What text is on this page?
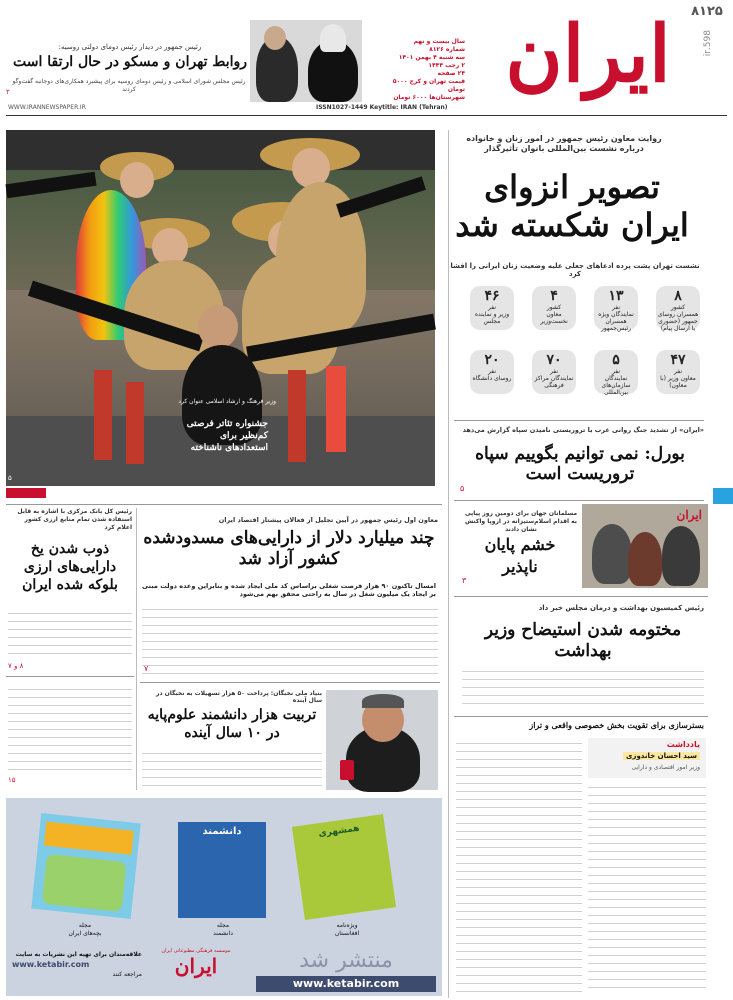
ایران	598.ir
۸۱۲۵
سال بیست و نهم
شماره ۸۱۲۶
سه شنبه ۴ بهمن ۱۴۰۱
۲ رجب ۱۴۴۴
۲۴ صفحه
قیمت تهران و کرج ۵۰۰۰ تومان
شهرستان‌ها ۶۰۰۰ تومان
ISSN1027-1449 Keytitle: IRAN (Tehran)
WWW.IRANNEWSPAPER.IR
رئیس جمهور در دیدار رئیس دومای دولتی روسیه:
روابط تهران و مسکو در حال ارتقا است
رئیس مجلس شورای اسلامی و رئیس دومای روسیه برای پیشبرد همکاری‌های دوجانبه گفت‌وگو کردند
۲
وزیر فرهنگ و ارشاد اسلامی عنوان کرد
جشنواره تئاتر فرصتی کم‌نظیر برای استعدادهای ناشناخته
۵
روایت معاون رئیس جمهور در امور زنان و خانواده درباره نشست بین‌المللی بانوان تأثیرگذار
تصویر انزوای ایران شکسته شد
نشست تهران پشت پرده ادعاهای جعلی علیه وضعیت زنان ایرانی را افشا کرد
۸
کشور
همسران روسای جمهور (حضوری یا ارسال پیام)
۱۳
نفر
نمایندگان ویژه همسران رئیس‌جمهور
۴
کشور
معاون نخست‌وزیر
۴۶
نفر
وزیر و نماینده مجلس
۴۷
نفر
معاون وزیر (با معاون)
۵
نفر
نمایندگان سازمان‌های بین‌المللی
۷۰
نفر
نمایندگان مراکز فرهنگی
۲۰
نفر
روسای دانشگاه
«ایران» از تشدید جنگ روانی غرب با تروریستی نامیدن سپاه گزارش می‌دهد
بورل: نمی توانیم بگوییم سپاه تروریست است
۵
ایران
مسلمانان جهان برای دومین روز پیاپی به اقدام اسلام‌ستیزانه در اروپا واکنش نشان دادند
خشم پایان ناپذیر
۳
رئیس کمیسیون بهداشت و درمان مجلس خبر داد
مختومه شدن استیضاح وزیر بهداشت
بسترسازی برای تقویت بخش خصوصی واقعی و تراز
یادداشت
سید احسان خاندوزی
وزیر امور اقتصادی و دارایی
معاون اول رئیس جمهور در آیین تجلیل از فعالان پیشتاز اقتصاد ایران
چند میلیارد دلار از دارایی‌های مسدودشده کشور آزاد شد
امسال تاکنون ۹۰ هزار فرصت شغلی براساس کد ملی ایجاد شده و بنابراین وعده دولت مبنی بر ایجاد یک میلیون شغل در سال به راحتی محقق بهم می‌شود
۷
رئیس کل بانک مرکزی با اشاره به قابل استفاده شدن تمام منابع ارزی کشور اعلام کرد
ذوب شدن یخ دارایی‌های ارزی بلوکه شده ایران
۸ و ۷
۱۵
بنیاد ملی نخبگان: پرداخت ۵۰ هزار تسهیلات به نخبگان در سال آینده
تربیت هزار دانشمند علوم‌پایه در ۱۰ سال آینده
همشهری
دانشمند
ویژه‌نامه
افغانستان
مجله
دانشمند
مجله
بچه‌های ایران
منتشر شد
www.ketabir.com
موسسه فرهنگی مطبوعاتی ایران
ایران
علاقه‌مندان برای تهیه این نشریات به سایت
www.ketabir.com
مراجعه کنند
